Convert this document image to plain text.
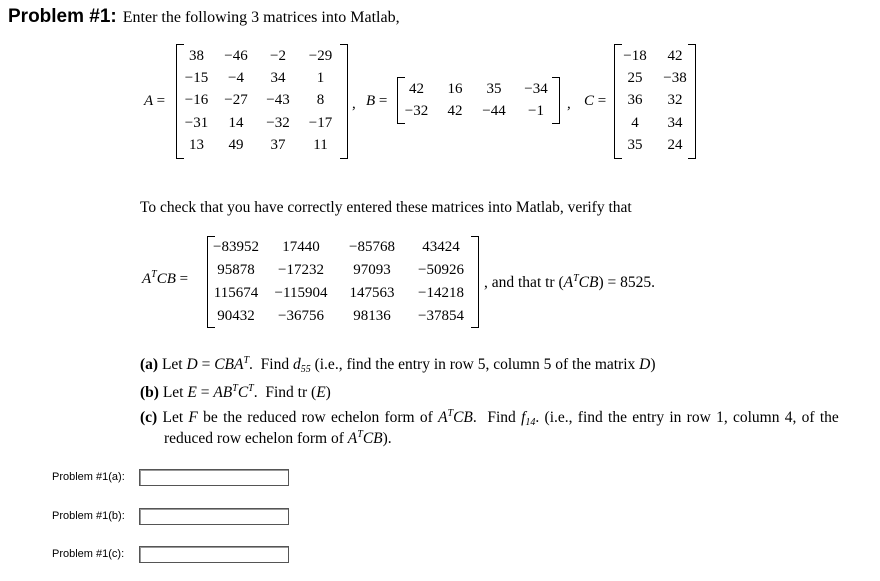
Problem #1: Enter the following 3 matrices into Matlab,
A =
38	−46	−2	−29
−15	−4	34	1
−16	−27	−43	8
−31	14	−32	−17
13	49	37	11
, B =
42	16	35	−34
−32	42	−44	−1	, C =
−18	42
25	−38
36	32
4	34
35	24
To check that you have correctly entered these matrices into Matlab, verify that
$A^TCB$ =
−83952	17440	−85768	43424
95878	−17232	97093	−50926
115674	−115904	147563	−14218
90432	−36756	98136	−37854
, and that tr $(A^TCB) = 8525$.
(a) Let $D = CBA^T$.  Find $d_{55}$ (i.e., find the entry in row 5, column 5 of the matrix D)
(b) Let $E = AB^TC^T$.  Find tr (E)
(c) Let F be the reduced row echelon form of $A^TCB$.  Find $f_{14}$. (i.e., find the entry in row 1, column 4, of the
reduced row echelon form of $A^TCB$).
Problem #1(a):
Problem #1(b):
Problem #1(c):
